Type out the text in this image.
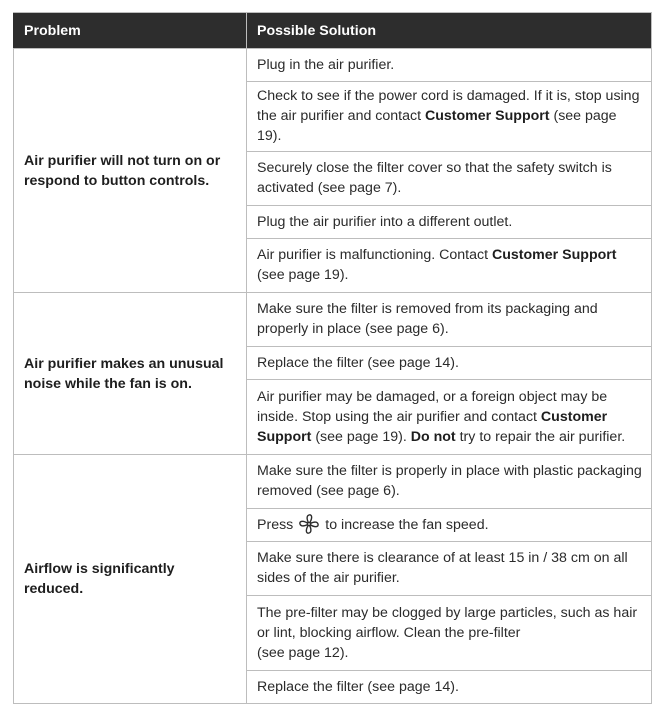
Problem	Possible Solution
Air purifier will not turn on or respond to button controls.	Plug in the air purifier.
	Check to see if the power cord is damaged. If it is, stop using the air purifier and contact Customer Support (see page 19).
	Securely close the filter cover so that the safety switch is activated (see page 7).
	Plug the air purifier into a different outlet.
	Air purifier is malfunctioning. Contact Customer Support (see page 19).
Air purifier makes an unusual noise while the fan is on.	Make sure the filter is removed from its packaging and properly in place (see page 6).
	Replace the filter (see page 14).
	Air purifier may be damaged, or a foreign object may be inside. Stop using the air purifier and contact Customer Support (see page 19). Do not try to repair the air purifier.
Airflow is significantly reduced.	Make sure the filter is properly in place with plastic packaging removed (see page 6).
	Press to increase the fan speed.
	Make sure there is clearance of at least 15 in / 38 cm on all sides of the air purifier.
	The pre-filter may be clogged by large particles, such as hair or lint, blocking airflow. Clean the pre-filter
(see page 12).
	Replace the filter (see page 14).
